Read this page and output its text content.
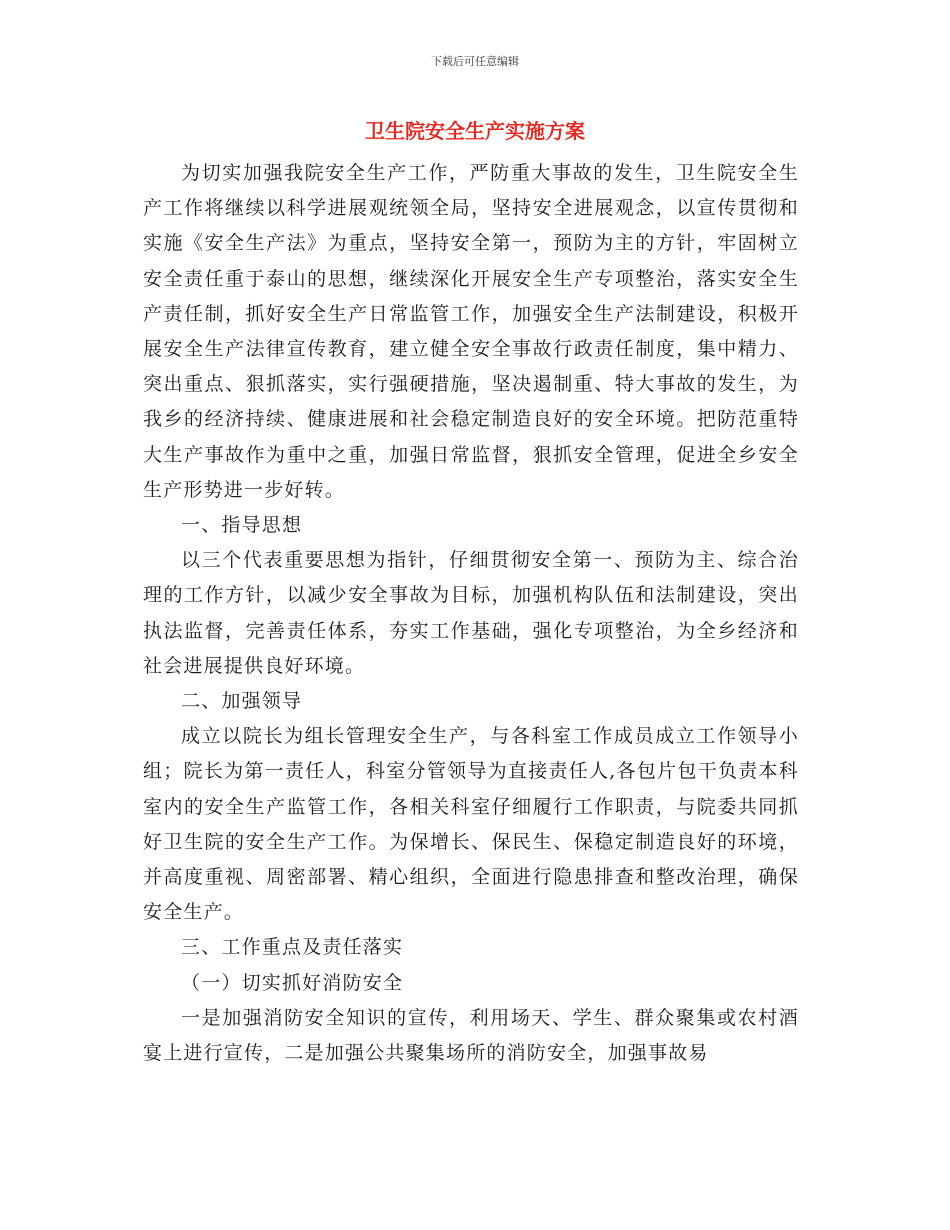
下载后可任意编辑
卫生院安全生产实施方案

为切实加强我院安全生产工作，严防重大事故的发生，卫生院安全生产工作将继续以科学进展观统领全局，坚持安全进展观念，以宣传贯彻和实施《安全生产法》为重点，坚持安全第一，预防为主的方针，牢固树立安全责任重于泰山的思想，继续深化开展安全生产专项整治，落实安全生产责任制，抓好安全生产日常监管工作，加强安全生产法制建设，积极开展安全生产法律宣传教育，建立健全安全事故行政责任制度，集中精力、突出重点、狠抓落实，实行强硬措施，坚决遏制重、特大事故的发生，为我乡的经济持续、健康进展和社会稳定制造良好的安全环境。把防范重特大生产事故作为重中之重，加强日常监督，狠抓安全管理，促进全乡安全生产形势进一步好转。

一、指导思想

以三个代表重要思想为指针，仔细贯彻安全第一、预防为主、综合治理的工作方针，以减少安全事故为目标，加强机构队伍和法制建设，突出执法监督，完善责任体系，夯实工作基础，强化专项整治，为全乡经济和社会进展提供良好环境。

二、加强领导

成立以院长为组长管理安全生产，与各科室工作成员成立工作领导小组；院长为第一责任人，科室分管领导为直接责任人,各包片包干负责本科室内的安全生产监管工作，各相关科室仔细履行工作职责，与院委共同抓好卫生院的安全生产工作。为保增长、保民生、保稳定制造良好的环境，并高度重视、周密部署、精心组织，全面进行隐患排查和整改治理，确保安全生产。

三、工作重点及责任落实

（一）切实抓好消防安全

一是加强消防安全知识的宣传，利用场天、学生、群众聚集或农村酒宴上进行宣传，二是加强公共聚集场所的消防安全，加强事故易
